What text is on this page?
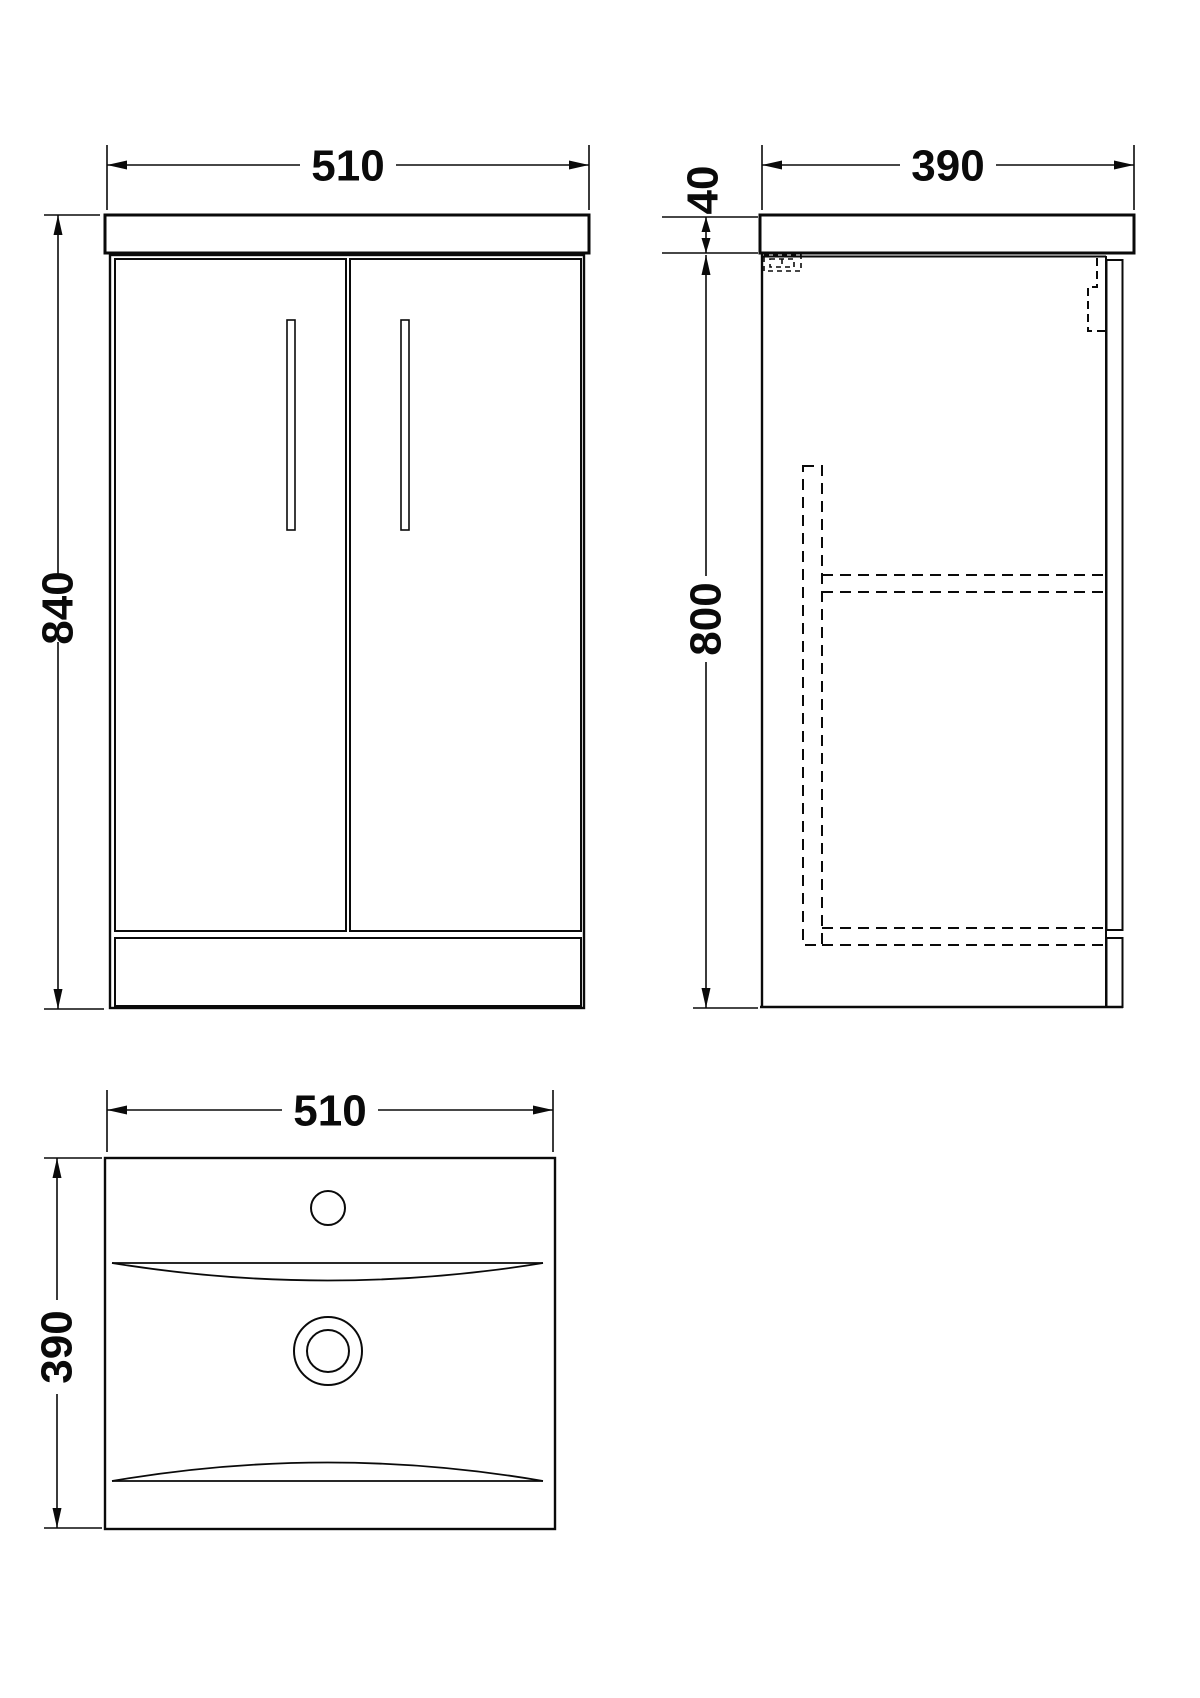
510
840
390
40
800
510
390
